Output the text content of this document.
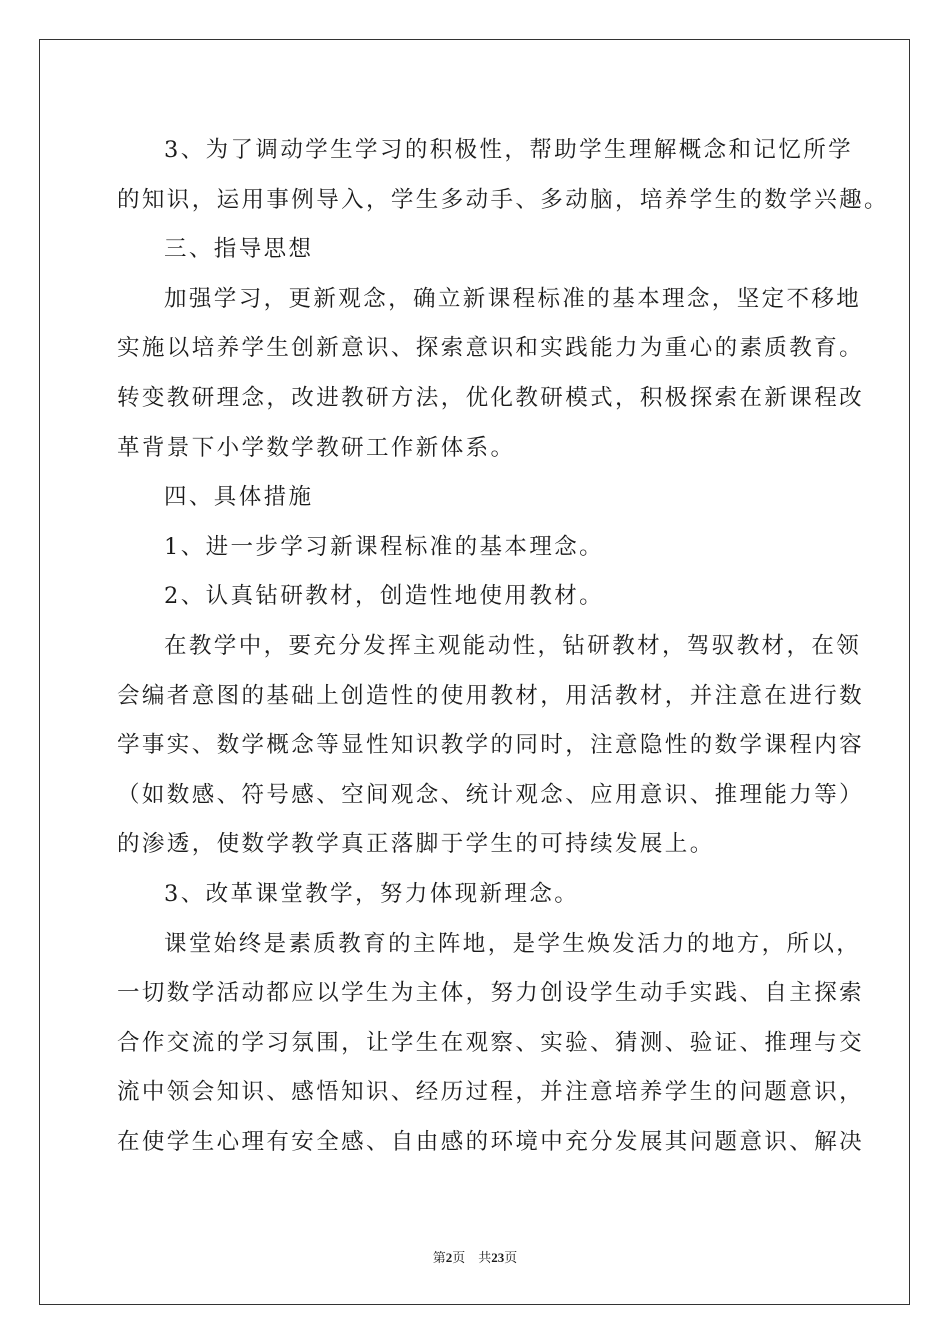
3、为了调动学生学习的积极性，帮助学生理解概念和记忆所学
的知识，运用事例导入，学生多动手、多动脑，培养学生的数学兴趣。
三、指导思想
加强学习，更新观念，确立新课程标准的基本理念，坚定不移地
实施以培养学生创新意识、探索意识和实践能力为重心的素质教育。
转变教研理念，改进教研方法，优化教研模式，积极探索在新课程改
革背景下小学数学教研工作新体系。
四、具体措施
1、进一步学习新课程标准的基本理念。
2、认真钻研教材，创造性地使用教材。
在教学中，要充分发挥主观能动性，钻研教材，驾驭教材，在领
会编者意图的基础上创造性的使用教材，用活教材，并注意在进行数
学事实、数学概念等显性知识教学的同时，注意隐性的数学课程内容
（如数感、符号感、空间观念、统计观念、应用意识、推理能力等）
的渗透，使数学教学真正落脚于学生的可持续发展上。
3、改革课堂教学，努力体现新理念。
课堂始终是素质教育的主阵地，是学生焕发活力的地方，所以，
一切数学活动都应以学生为主体，努力创设学生动手实践、自主探索
合作交流的学习氛围，让学生在观察、实验、猜测、验证、推理与交
流中领会知识、感悟知识、经历过程，并注意培养学生的问题意识，
在使学生心理有安全感、自由感的环境中充分发展其问题意识、解决
第2页　共23页
